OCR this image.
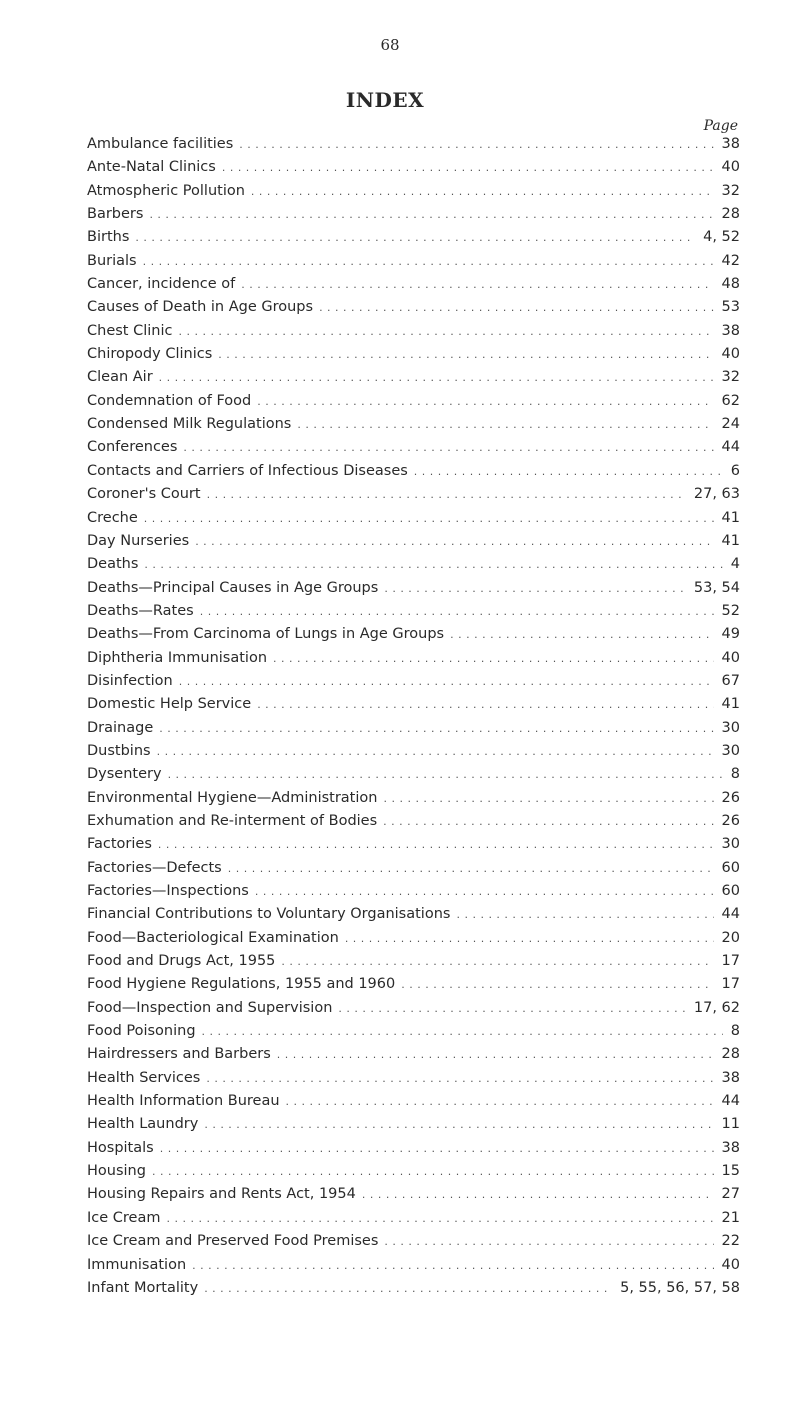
68
INDEX
Page
Ambulance facilities . . .	38
Ante-Natal Clinics . . .	40
Atmospheric Pollution . . .	32
Barbers . . .	28
Births . . .	4, 52
Burials . . .	42
Cancer, incidence of . . .	48
Causes of Death in Age Groups . . .	53
Chest Clinic . . .	38
Chiropody Clinics . . .	40
Clean Air . . .	32
Condemnation of Food . . .	62
Condensed Milk Regulations . . .	24
Conferences . . .	44
Contacts and Carriers of Infectious Diseases . . .	6
Coroner's Court . . .	27, 63
Creche . . .	41
Day Nurseries . . .	41
Deaths . . .	4
Deaths—Principal Causes in Age Groups . . .	53, 54
Deaths—Rates . . .	52
Deaths—From Carcinoma of Lungs in Age Groups . . .	49
Diphtheria Immunisation . . .	40
Disinfection . . .	67
Domestic Help Service . . .	41
Drainage . . .	30
Dustbins . . .	30
Dysentery . . .	8
Environmental Hygiene—Administration . . .	26
Exhumation and Re-interment of Bodies . . .	26
Factories . . .	30
Factories—Defects . . .	60
Factories—Inspections . . .	60
Financial Contributions to Voluntary Organisations . . .	44
Food—Bacteriological Examination . . .	20
Food and Drugs Act, 1955 . . .	17
Food Hygiene Regulations, 1955 and 1960 . . .	17
Food—Inspection and Supervision . . .	17, 62
Food Poisoning . . .	8
Hairdressers and Barbers . . .	28
Health Services . . .	38
Health Information Bureau . . .	44
Health Laundry . . .	11
Hospitals . . .	38
Housing . . .	15
Housing Repairs and Rents Act, 1954 . . .	27
Ice Cream . . .	21
Ice Cream and Preserved Food Premises . . .	22
Immunisation . . .	40
Infant Mortality . . .	5, 55, 56, 57, 58
